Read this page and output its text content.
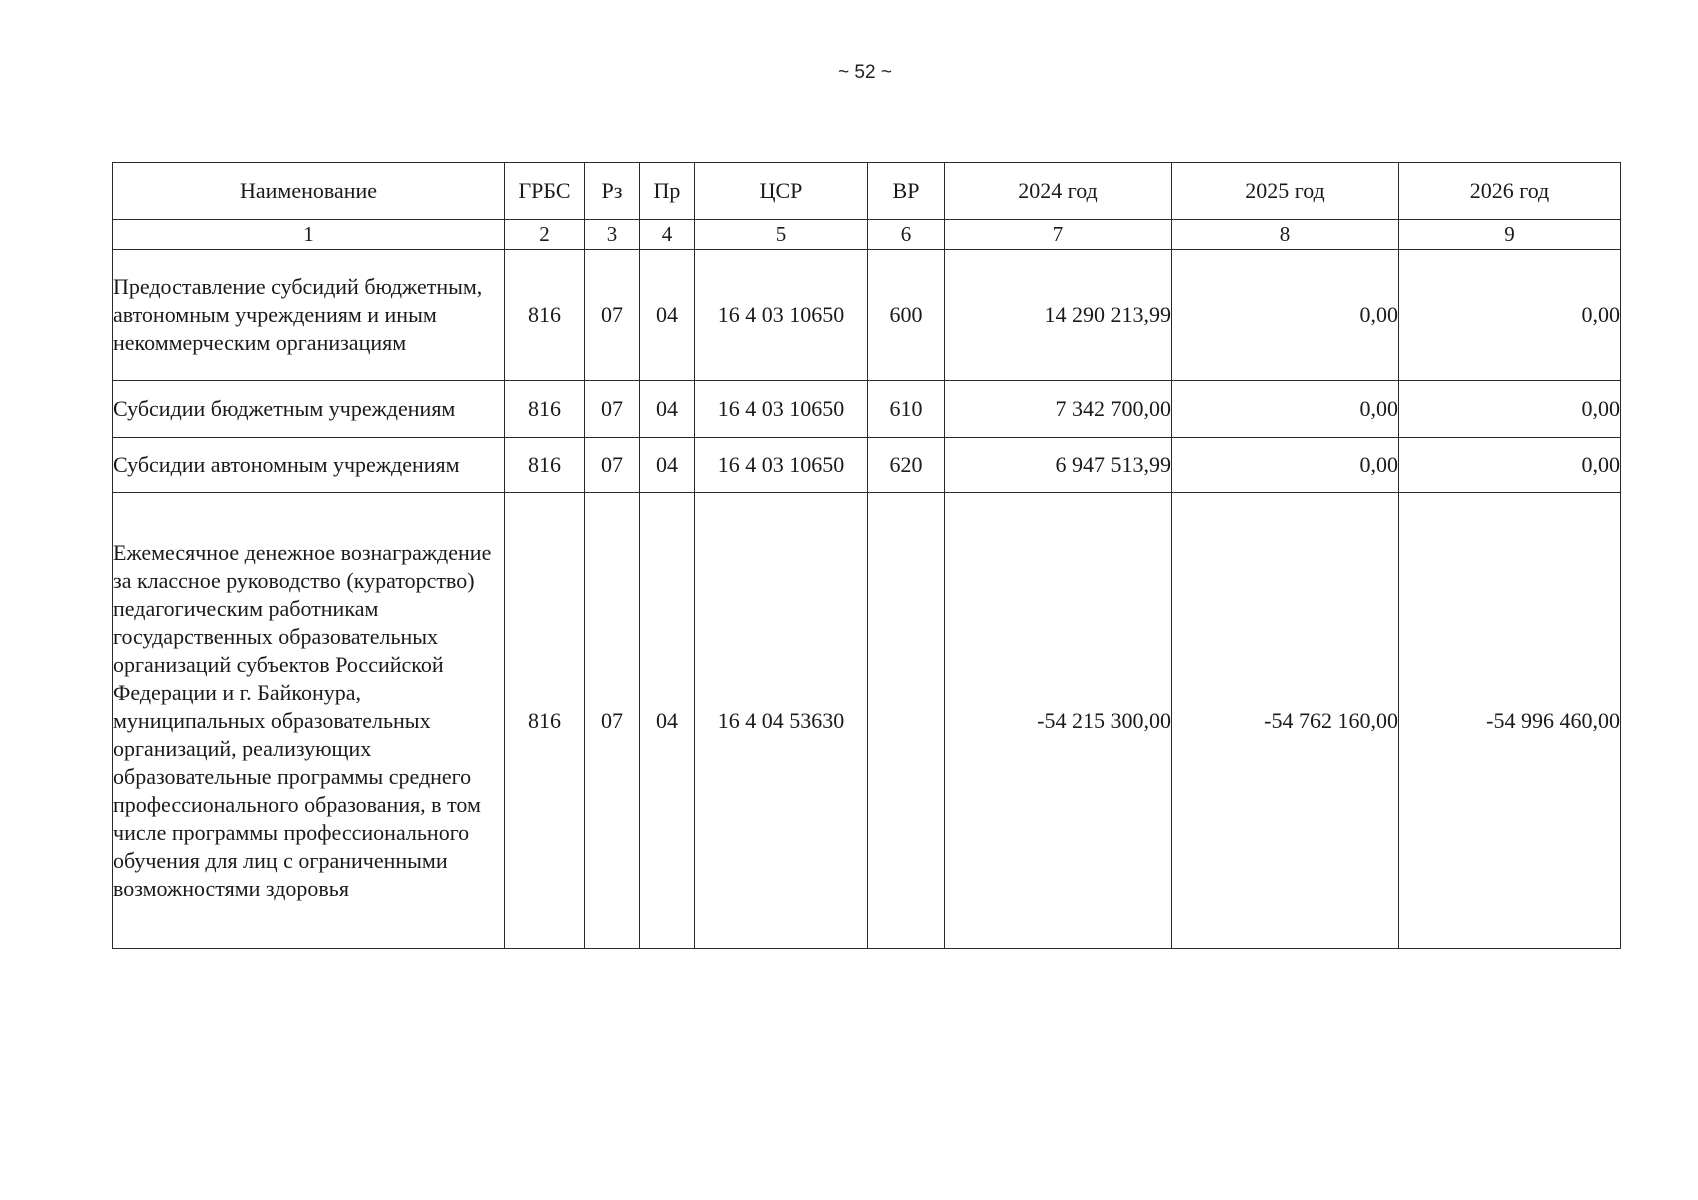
~ 52 ~
Наименование	ГРБС	Рз	Пр	ЦСР	ВР	2024 год	2025 год	2026 год
1	2	3	4	5	6	7	8	9
Предоставление субсидий бюджетным, автономным учреждениям и иным некоммерческим организациям	816	07	04	16 4 03 10650	600	14 290 213,99	0,00	0,00
Субсидии бюджетным учреждениям	816	07	04	16 4 03 10650	610	7 342 700,00	0,00	0,00
Субсидии автономным учреждениям	816	07	04	16 4 03 10650	620	6 947 513,99	0,00	0,00
Ежемесячное денежное вознаграждение за классное руководство (кураторство) педагогическим работникам государственных образовательных организаций субъектов Российской Федерации и г. Байконура, муниципальных образовательных организаций, реализующих образовательные программы среднего профессионального образования, в том числе программы профессионального обучения для лиц с ограниченными возможностями здоровья	816	07	04	16 4 04 53630		-54 215 300,00	-54 762 160,00	-54 996 460,00
